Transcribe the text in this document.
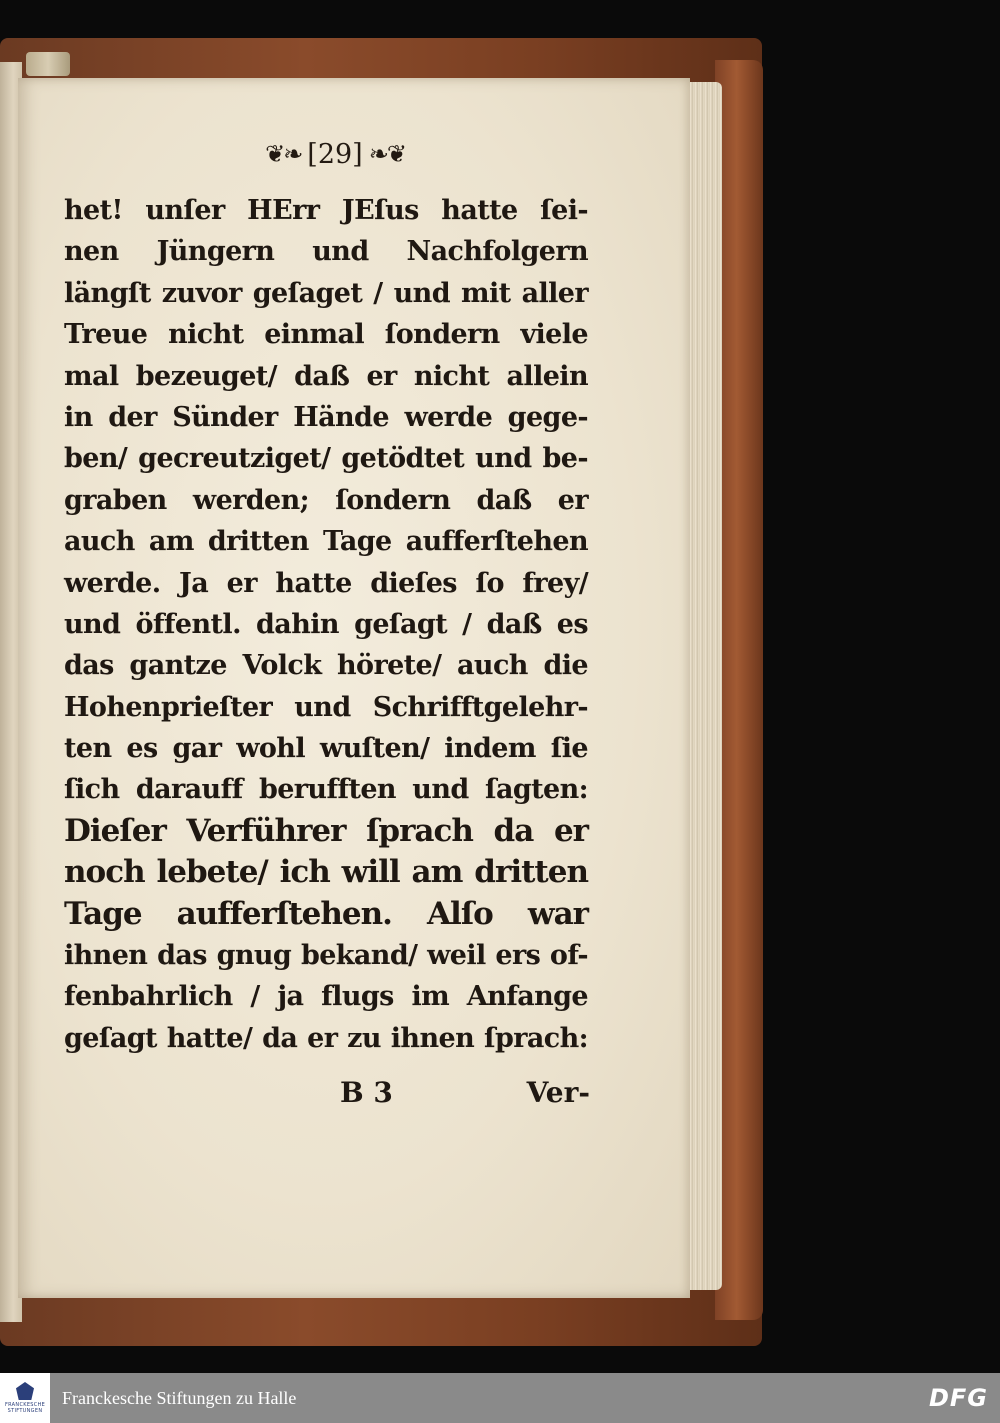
❦❧ [29] ❧❦
het! unſer HErr JEſus hatte ſei-
nen Jüngern und Nachfolgern
längſt zuvor geſaget / und mit aller
Treue nicht einmal ſondern viele
mal bezeuget/ daß er nicht allein
in der Sünder Hände werde gege-
ben/ gecreutziget/ getödtet und be-
graben werden; ſondern daß er
auch am dritten Tage aufferſtehen
werde. Ja er hatte dieſes ſo frey/
und öffentl. dahin geſagt / daß es
das gantze Volck hörete/ auch die
Hohenprieſter und Schrifftgelehr-
ten es gar wohl wuſten/ indem ſie
ſich darauff berufften und ſagten:
Dieſer Verführer ſprach da er
noch lebete/ ich will am dritten
Tage aufferſtehen. Alſo war
ihnen das gnug bekand/ weil ers of-
fenbahrlich / ja flugs im Anfange
geſagt hatte/ da er zu ihnen ſprach:
B 3	Ver-
FRANCKESCHE
STIFTUNGEN
Franckesche Stiftungen zu Halle	DFG
